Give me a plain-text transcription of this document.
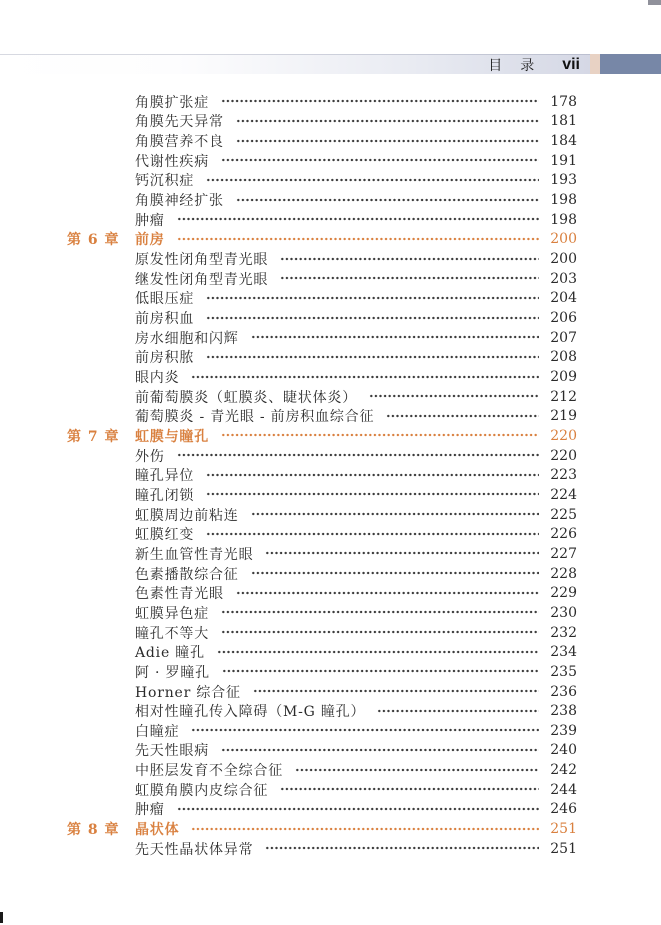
目　录 vii
角膜扩张症	178
角膜先天异常	181
角膜营养不良	184
代谢性疾病	191
钙沉积症	193
角膜神经扩张	198
肿瘤	198
第 6 章	前房	200
原发性闭角型青光眼	200
继发性闭角型青光眼	203
低眼压症	204
前房积血	206
房水细胞和闪辉	207
前房积脓	208
眼内炎	209
前葡萄膜炎（虹膜炎、睫状体炎）	212
葡萄膜炎 - 青光眼 - 前房积血综合征	219
第 7 章	虹膜与瞳孔	220
外伤	220
瞳孔异位	223
瞳孔闭锁	224
虹膜周边前粘连	225
虹膜红变	226
新生血管性青光眼	227
色素播散综合征	228
色素性青光眼	229
虹膜异色症	230
瞳孔不等大	232
Adie 瞳孔	234
阿 · 罗瞳孔	235
Horner 综合征	236
相对性瞳孔传入障碍（M-G 瞳孔）	238
白瞳症	239
先天性眼病	240
中胚层发育不全综合征	242
虹膜角膜内皮综合征	244
肿瘤	246
第 8 章	晶状体	251
先天性晶状体异常	251
